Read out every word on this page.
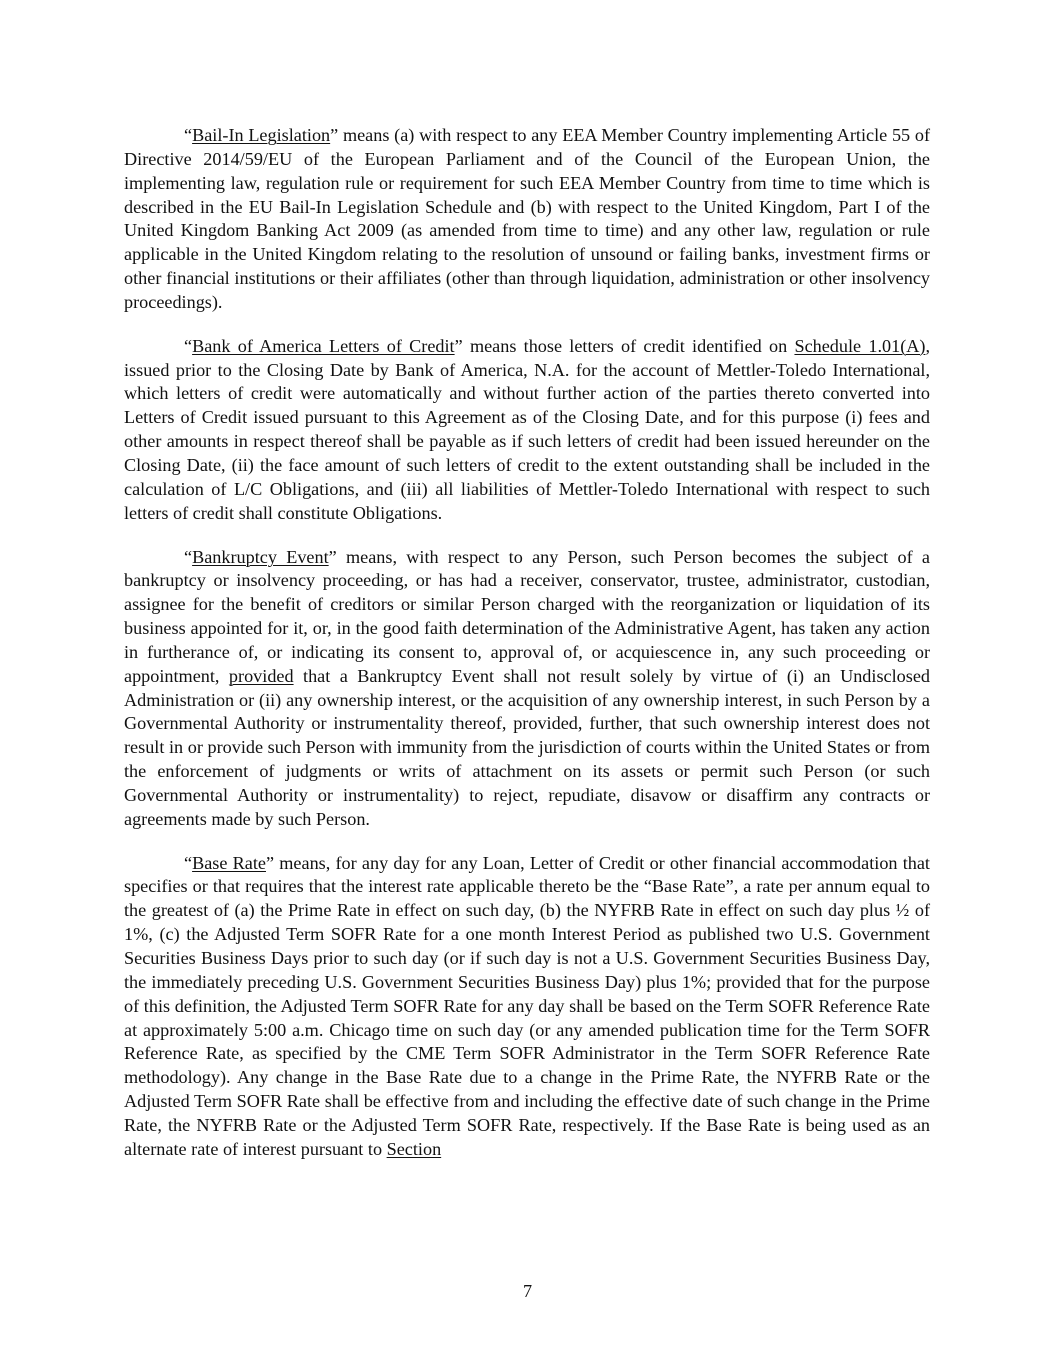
“Bail-In Legislation” means (a) with respect to any EEA Member Country implementing Article 55 of Directive 2014/59/EU of the European Parliament and of the Council of the European Union, the implementing law, regulation rule or requirement for such EEA Member Country from time to time which is described in the EU Bail-In Legislation Schedule and (b) with respect to the United Kingdom, Part I of the United Kingdom Banking Act 2009 (as amended from time to time) and any other law, regulation or rule applicable in the United Kingdom relating to the resolution of unsound or failing banks, investment firms or other financial institutions or their affiliates (other than through liquidation, administration or other insolvency proceedings).

“Bank of America Letters of Credit” means those letters of credit identified on Schedule 1.01(A), issued prior to the Closing Date by Bank of America, N.A. for the account of Mettler-Toledo International, which letters of credit were automatically and without further action of the parties thereto converted into Letters of Credit issued pursuant to this Agreement as of the Closing Date, and for this purpose (i) fees and other amounts in respect thereof shall be payable as if such letters of credit had been issued hereunder on the Closing Date, (ii) the face amount of such letters of credit to the extent outstanding shall be included in the calculation of L/C Obligations, and (iii) all liabilities of Mettler-Toledo International with respect to such letters of credit shall constitute Obligations.

“Bankruptcy Event” means, with respect to any Person, such Person becomes the subject of a bankruptcy or insolvency proceeding, or has had a receiver, conservator, trustee, administrator, custodian, assignee for the benefit of creditors or similar Person charged with the reorganization or liquidation of its business appointed for it, or, in the good faith determination of the Administrative Agent, has taken any action in furtherance of, or indicating its consent to, approval of, or acquiescence in, any such proceeding or appointment, provided that a Bankruptcy Event shall not result solely by virtue of (i) an Undisclosed Administration or (ii) any ownership interest, or the acquisition of any ownership interest, in such Person by a Governmental Authority or instrumentality thereof, provided, further, that such ownership interest does not result in or provide such Person with immunity from the jurisdiction of courts within the United States or from the enforcement of judgments or writs of attachment on its assets or permit such Person (or such Governmental Authority or instrumentality) to reject, repudiate, disavow or disaffirm any contracts or agreements made by such Person.

“Base Rate” means, for any day for any Loan, Letter of Credit or other financial accommodation that specifies or that requires that the interest rate applicable thereto be the “Base Rate”, a rate per annum equal to the greatest of (a) the Prime Rate in effect on such day, (b) the NYFRB Rate in effect on such day plus ½ of 1%, (c) the Adjusted Term SOFR Rate for a one month Interest Period as published two U.S. Government Securities Business Days prior to such day (or if such day is not a U.S. Government Securities Business Day, the immediately preceding U.S. Government Securities Business Day) plus 1%; provided that for the purpose of this definition, the Adjusted Term SOFR Rate for any day shall be based on the Term SOFR Reference Rate at approximately 5:00 a.m. Chicago time on such day (or any amended publication time for the Term SOFR Reference Rate, as specified by the CME Term SOFR Administrator in the Term SOFR Reference Rate methodology). Any change in the Base Rate due to a change in the Prime Rate, the NYFRB Rate or the Adjusted Term SOFR Rate shall be effective from and including the effective date of such change in the Prime Rate, the NYFRB Rate or the Adjusted Term SOFR Rate, respectively. If the Base Rate is being used as an alternate rate of interest pursuant to Section

7
